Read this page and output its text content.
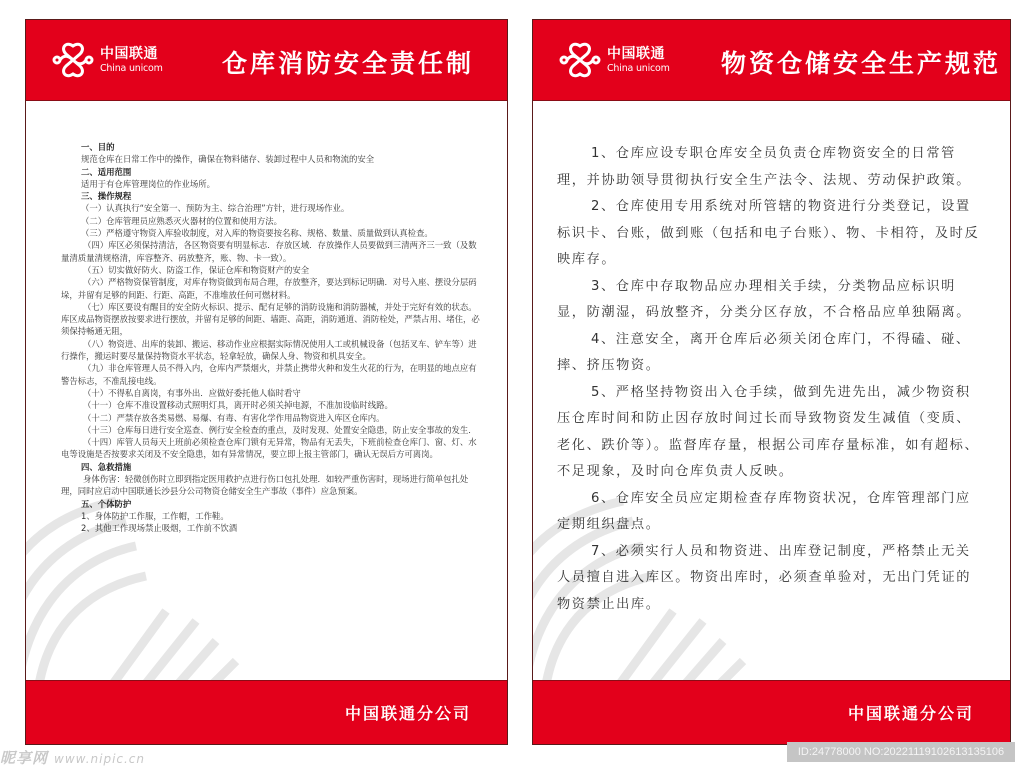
中国联通
China unicom 仓库消防安全责任制

一、目的

规范仓库在日常工作中的操作，确保在物料储存、装卸过程中人员和物流的安全

二、适用范围

适用于有仓库管理岗位的作业场所。

三、操作规程

（一）认真执行“安全第一、预防为主、综合治理”方针，进行现场作业。

（二）仓库管理员应熟悉灭火器材的位置和使用方法。

（三）严格遵守物资入库验收制度，对入库的物资要按名称、规格、数量、质量做到认真检查。

（四）库区必须保持清洁，各区物资要有明显标志．存放区域．存放操作人员要做到三清两齐三一致（及数量清质量清规格清，库容整齐、码放整齐，账、物、卡一致）。

（五）切实做好防火、防盗工作，保证仓库和物资财产的安全

（六）严格物资保管制度，对库存物资做到布局合理，存放整齐，要达到标记明确．对号入座、摆设分层码垛，并留有足够的间距、行距、高距，不准堆放任何可燃材料。

（七）库区要设有醒目的安全防火标识、提示、配有足够的消防设施和消防器械，并处于完好有效的状态。库区成品物资摆放按要求进行摆放，并留有足够的间距、墙距、高距，消防通道、消防栓处，严禁占用、堵住，必须保持畅通无阻，

（八）物资进、出库的装卸、搬运、移动作业应根据实际情况使用人工或机械设备（包括叉车、铲车等）进行操作，搬运时要尽量保持物资水平状态，轻拿轻放，确保人身、物资和机具安全。

（九）非仓库管理人员不得入内，仓库内严禁烟火，并禁止携带火种和发生火花的行为，在明显的地点应有警告标志，不准乱接电线。

（十）不得私自离岗，有事外出．应做好委托他人临时看守

（十一）仓库不准设置移动式照明灯具，离开时必须关掉电源，不准加设临时线路。

（十二）严禁存放各类易燃、易爆、有毒、有害化学作用品物资进入库区仓库内。

（十三）仓库每日进行安全巡查、例行安全检查的重点，及时发现、处置安全隐患，防止安全事故的发生．

（十四）库管人员每天上班前必须检查仓库门锁有无异常，物品有无丢失，下班前检查仓库门、窗、灯、水电等设施是否按要求关闭及不安全隐患，如有异常情况，要立即上报主管部门，确认无误后方可离岗。

四、急救措施

身体伤害：轻微创伤时立即到指定医用救护点进行伤口包扎处理．如较严重伤害时，现场进行简单包扎处理，同时应启动中国联通长沙县分公司物资仓储安全生产事故（事件）应急预案。

五、个体防护

1、身体防护工作服，工作帽，工作鞋。

2、其他工作现场禁止吸烟，工作前不饮酒

中国联通分公司
中国联通
China unicom 物资仓储安全生产规范

1、仓库应设专职仓库安全员负责仓库物资安全的日常管理，并协助领导贯彻执行安全生产法令、法规、劳动保护政策。

2、仓库使用专用系统对所管辖的物资进行分类登记，设置标识卡、台账，做到账（包括和电子台账）、物、卡相符，及时反映库存。

3、仓库中存取物品应办理相关手续，分类物品应标识明显，防潮湿，码放整齐，分类分区存放，不合格品应单独隔离。

4、注意安全，离开仓库后必须关闭仓库门，不得磕、碰、摔、挤压物资。

5、严格坚持物资出入仓手续，做到先进先出，减少物资积压仓库时间和防止因存放时间过长而导致物资发生减值（变质、老化、跌价等）。监督库存量，根据公司库存量标准，如有超标、不足现象，及时向仓库负责人反映。

6、仓库安全员应定期检查存库物资状况，仓库管理部门应定期组织盘点。

7、必须实行人员和物资进、出库登记制度，严格禁止无关人员擅自进入库区。物资出库时，必须查单验对，无出门凭证的物资禁止出库。

中国联通分公司
昵享网 www.nipic.cn	ID:24778000 NO:20221119102613135106
